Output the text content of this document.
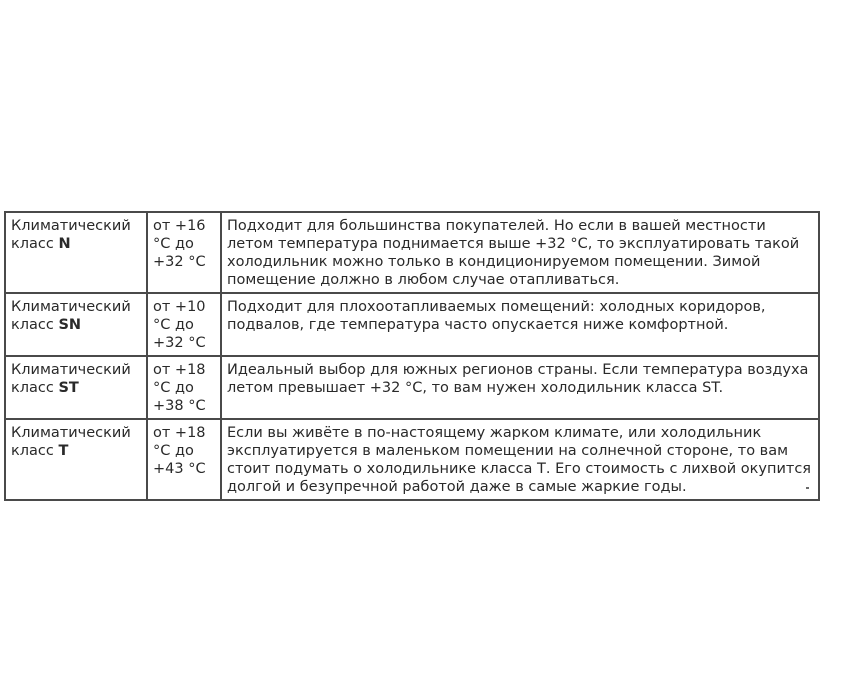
Климатический класс N	от +16 °C до +32 °C	Подходит для большинства покупателей. Но если в вашей местности летом температура поднимается выше +32 °C, то эксплуатировать такой холодильник можно только в кондиционируемом помещении. Зимой помещение должно в любом случае отапливаться.
Климатический класс SN	от +10 °C до +32 °C	Подходит для плохоотапливаемых помещений: холодных коридоров, подвалов, где температура часто опускается ниже комфортной.
Климатический класс ST	от +18 °C до +38 °C	Идеальный выбор для южных регионов страны. Если температура воздуха летом превышает +32 °C, то вам нужен холодильник класса ST.
Климатический класс T	от +18 °C до +43 °C	Если вы живёте в по-настоящему жарком климате, или холодильник эксплуатируется в маленьком помещении на солнечной стороне, то вам стоит подумать о холодильнике класса Т. Его стоимость с лихвой окупится долгой и безупречной работой даже в самые жаркие годы.
